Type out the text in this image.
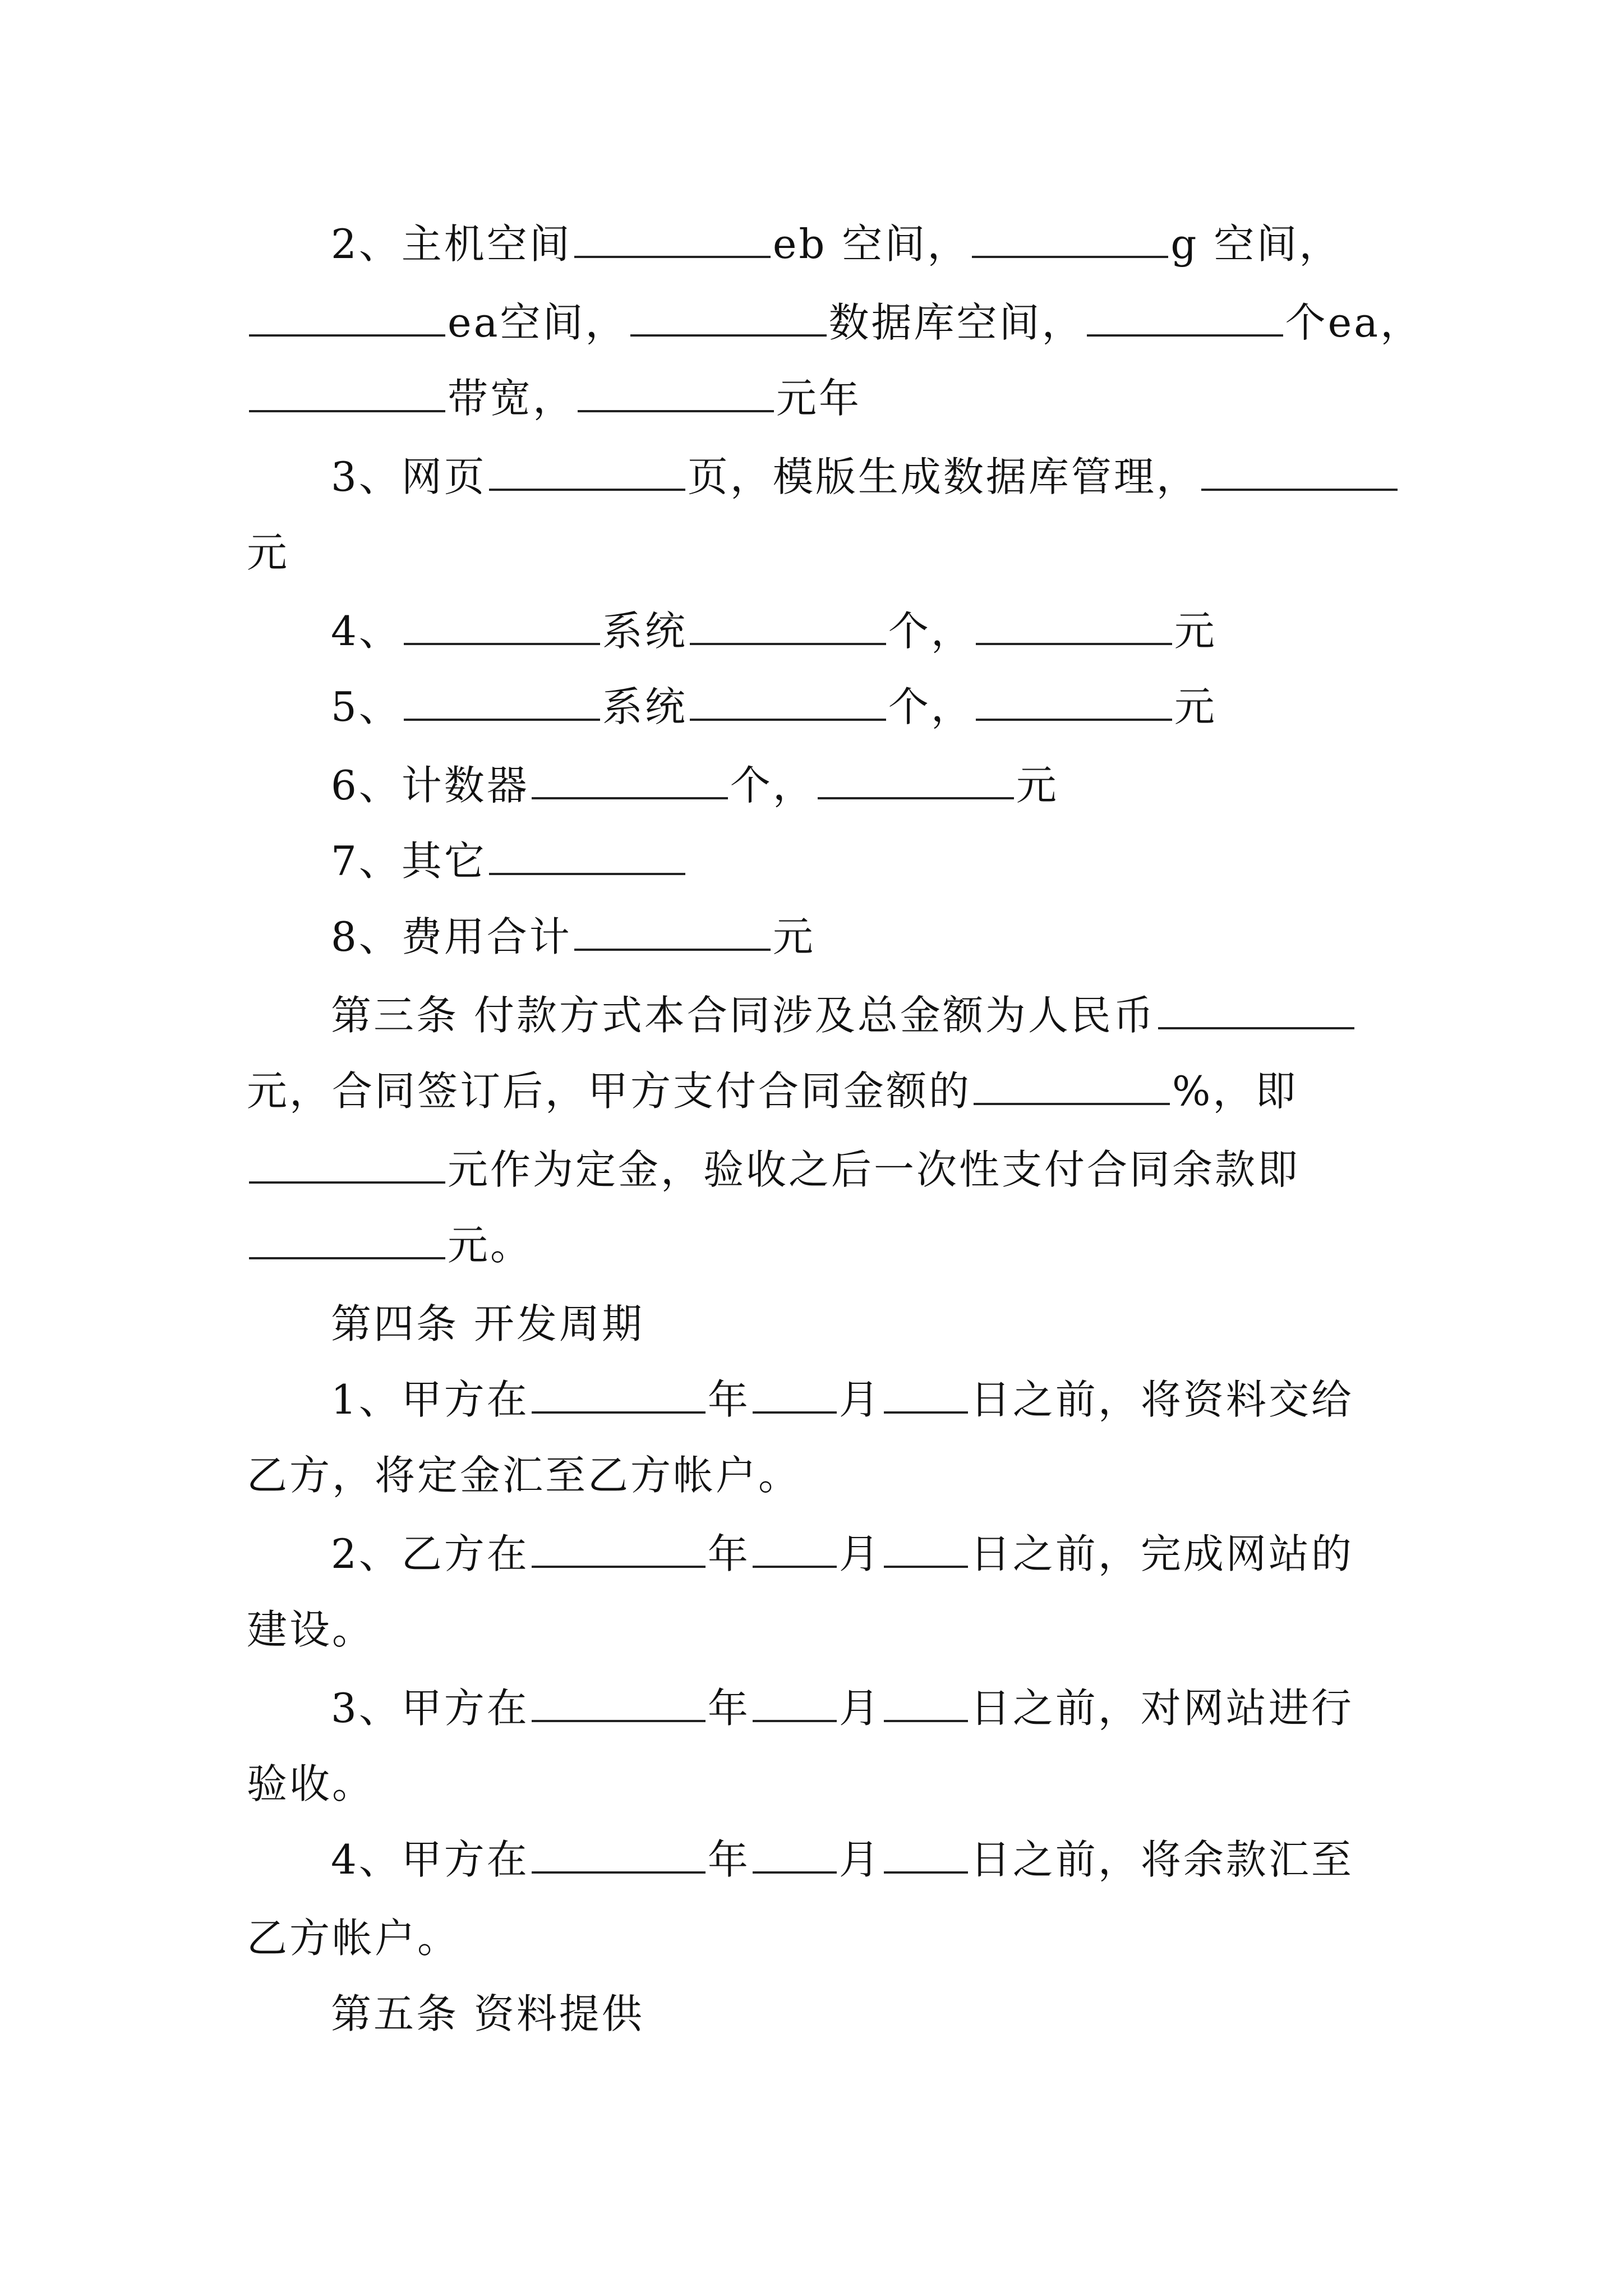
2、主机空间	eb 空间，	g 空间，
ea空间，	数据库空间，	个ea，
带宽，	元年
3、网页	页，模版生成数据库管理，
元
4、	系统	个，	元
5、	系统	个，	元
6、计数器	个，	元
7、其它
8、费用合计	元
第三条 付款方式本合同涉及总金额为人民币
元，合同签订后，甲方支付合同金额的	%，即
元作为定金，验收之后一次性支付合同余款即
元。
第四条 开发周期
1、甲方在	年 月 日之前，将资料交给
乙方，将定金汇至乙方帐户。
2、乙方在	年 月 日之前，完成网站的
建设。
3、甲方在	年 月 日之前，对网站进行
验收。
4、甲方在	年 月 日之前，将余款汇至
乙方帐户。
第五条 资料提供
